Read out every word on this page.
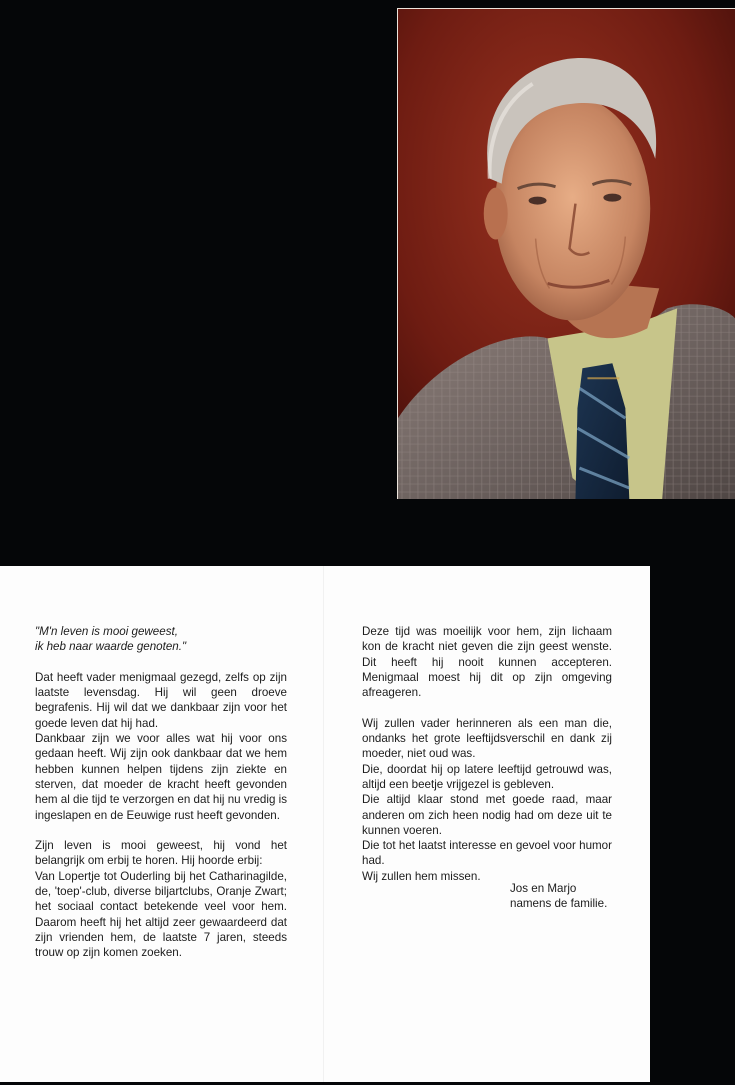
"M'n leven is mooi geweest,
ik heb naar waarde genoten."

Dat heeft vader menigmaal gezegd, zelfs op zijn laatste levensdag. Hij wil geen droeve begrafenis. Hij wil dat we dankbaar zijn voor het goede leven dat hij had.

Dankbaar zijn we voor alles wat hij voor ons gedaan heeft. Wij zijn ook dankbaar dat we hem hebben kunnen helpen tijdens zijn ziekte en sterven, dat moeder de kracht heeft gevonden hem al die tijd te verzorgen en dat hij nu vredig is ingeslapen en de Eeuwige rust heeft gevonden.

Zijn leven is mooi geweest, hij vond het belangrijk om erbij te horen. Hij hoorde erbij:

Van Lopertje tot Ouderling bij het Catharinagilde, de, 'toep'-club, diverse biljartclubs, Oranje Zwart; het sociaal contact betekende veel voor hem. Daarom heeft hij het altijd zeer gewaardeerd dat zijn vrienden hem, de laatste 7 jaren, steeds trouw op zijn komen zoeken.

Deze tijd was moeilijk voor hem, zijn lichaam kon de kracht niet geven die zijn geest wenste. Dit heeft hij nooit kunnen accepteren. Menigmaal moest hij dit op zijn omgeving afreageren.

Wij zullen vader herinneren als een man die, ondanks het grote leeftijdsverschil en dank zij moeder, niet oud was.

Die, doordat hij op latere leeftijd getrouwd was, altijd een beetje vrijgezel is gebleven.

Die altijd klaar stond met goede raad, maar anderen om zich heen nodig had om deze uit te kunnen voeren.

Die tot het laatst interesse en gevoel voor humor had.

Wij zullen hem missen.

Jos en Marjo
namens de familie.
